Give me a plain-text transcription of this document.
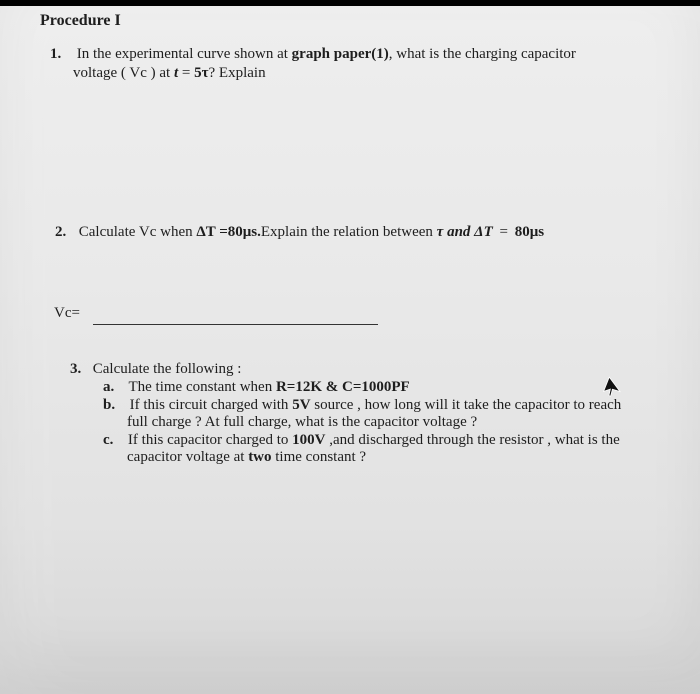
Procedure I
1. In the experimental curve shown at graph paper(1), what is the charging capacitor
voltage ( Vc ) at t = 5τ? Explain
2. Calculate Vc when ΔT =80μs.Explain the relation between τ and ΔT = 80μs
Vc=
3. Calculate the following :
a. The time constant when R=12K & C=1000PF
b. If this circuit charged with 5V source , how long will it take the capacitor to reach
full charge ? At full charge, what is the capacitor voltage ?
c. If this capacitor charged to 100V ,and discharged through the resistor , what is the
capacitor voltage at two time constant ?
